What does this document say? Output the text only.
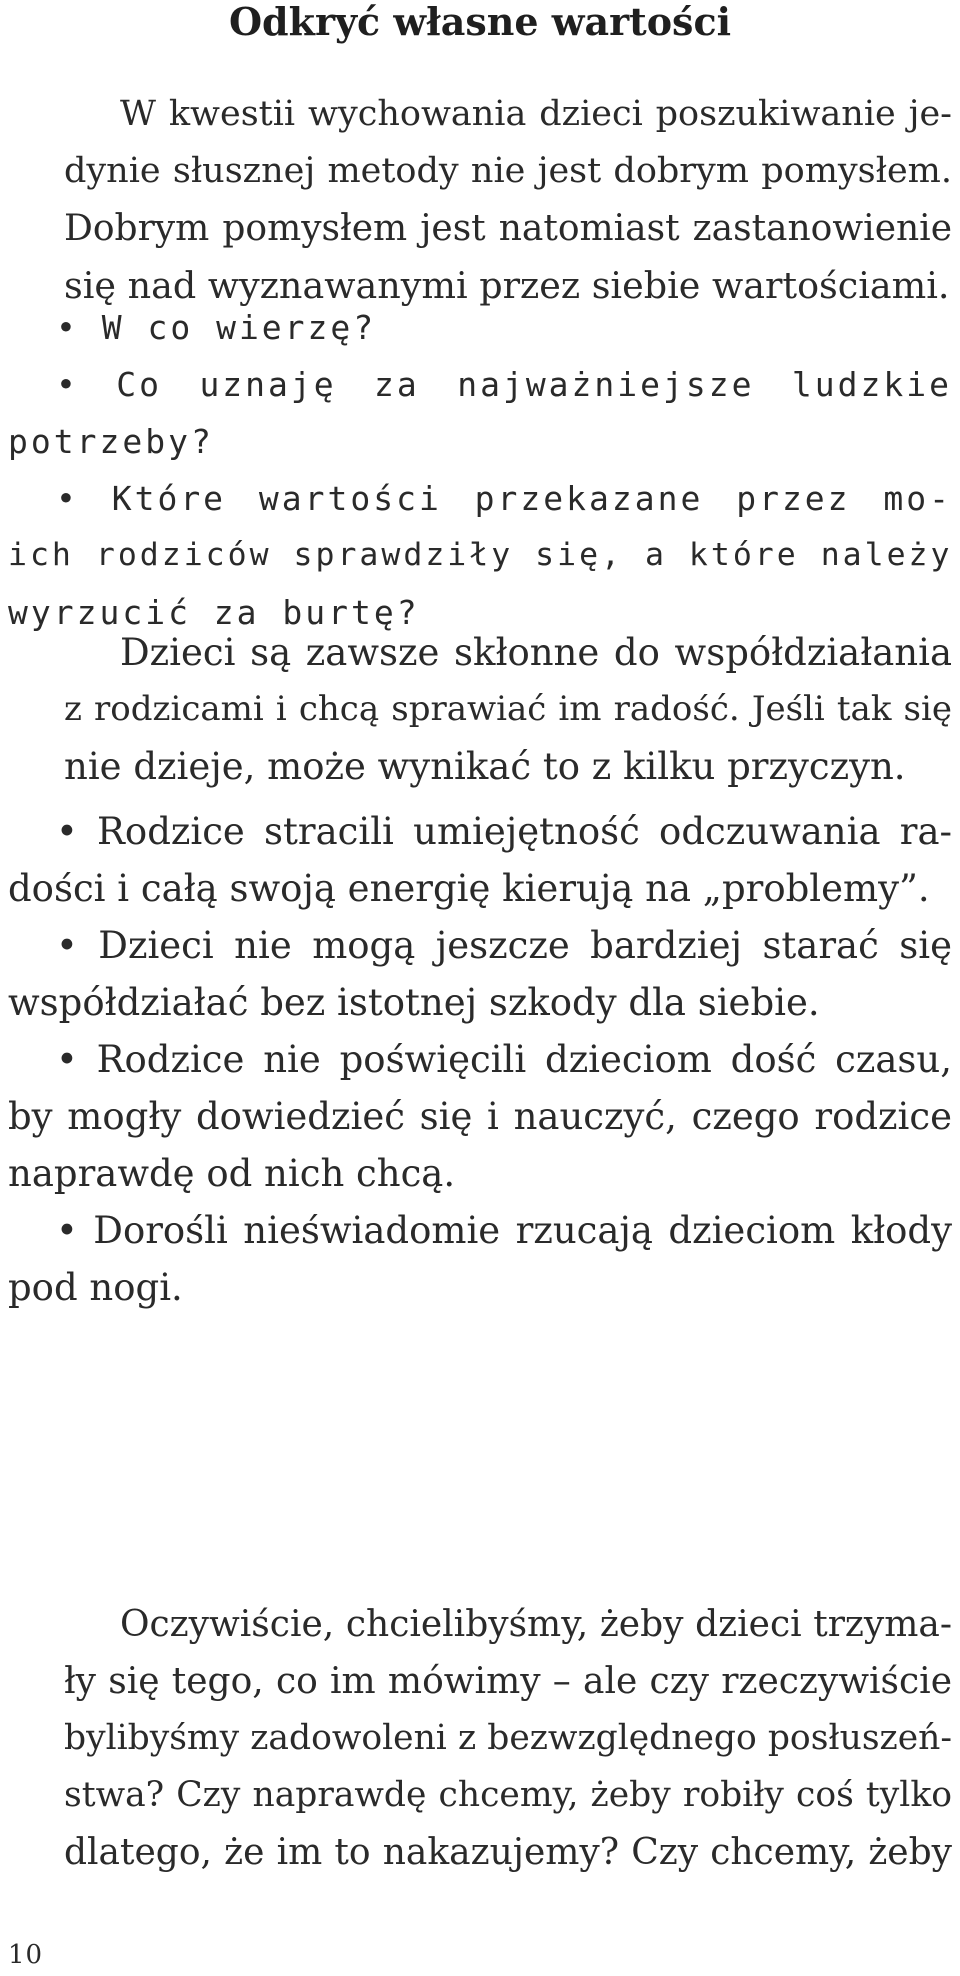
Odkryć własne wartości
W kwestii wychowania dzieci poszukiwanie je-
dynie słusznej metody nie jest dobrym pomysłem.
Dobrym pomysłem jest natomiast zastanowienie
się nad wyznawanymi przez siebie wartościami.
• W co wierzę?
• Co uznaję za najważniejsze ludzkie
potrzeby?
• Które wartości przekazane przez mo-
ich rodziców sprawdziły się, a które należy
wyrzucić za burtę?
Dzieci są zawsze skłonne do współdziałania
z rodzicami i chcą sprawiać im radość. Jeśli tak się
nie dzieje, może wynikać to z kilku przyczyn.
• Rodzice stracili umiejętność odczuwania ra-
dości i całą swoją energię kierują na „problemy”.
• Dzieci nie mogą jeszcze bardziej starać się
współdziałać bez istotnej szkody dla siebie.
• Rodzice nie poświęcili dzieciom dość czasu,
by mogły dowiedzieć się i nauczyć, czego rodzice
naprawdę od nich chcą.
• Dorośli nieświadomie rzucają dzieciom kłody
pod nogi.
Oczywiście, chcielibyśmy, żeby dzieci trzyma-
ły się tego, co im mówimy – ale czy rzeczywiście
bylibyśmy zadowoleni z bezwzględnego posłuszeń-
stwa? Czy naprawdę chcemy, żeby robiły coś tylko
dlatego, że im to nakazujemy? Czy chcemy, żeby
10
